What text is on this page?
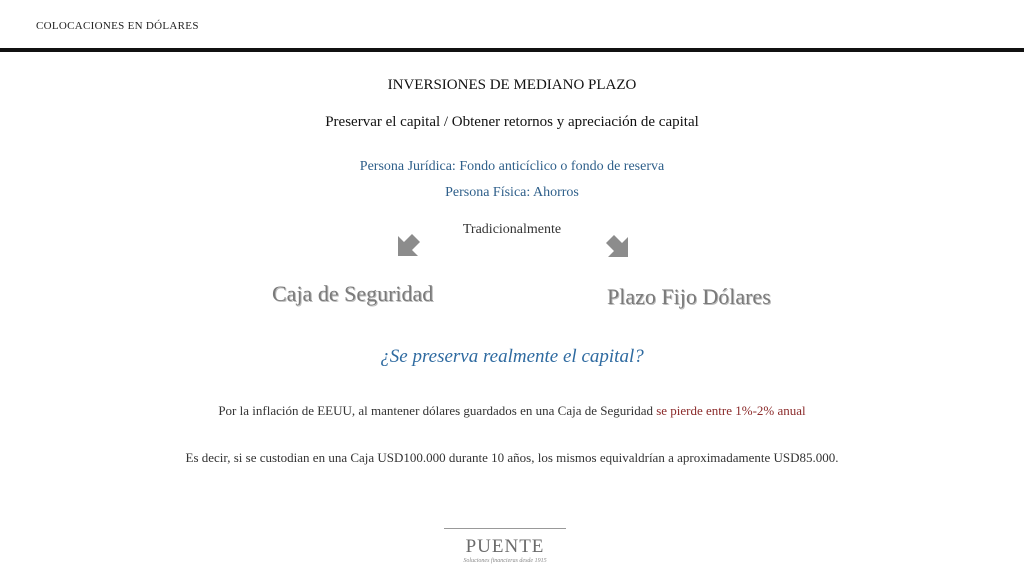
COLOCACIONES EN DÓLARES
INVERSIONES DE MEDIANO PLAZO
Preservar el capital / Obtener retornos y apreciación de capital
Persona Jurídica: Fondo anticíclico o fondo de reserva
Persona Física: Ahorros
Tradicionalmente
Caja de Seguridad	Plazo Fijo Dólares
¿Se preserva realmente el capital?
Por la inflación de EEUU, al mantener dólares guardados en una Caja de Seguridad se pierde entre 1%-2% anual
Es decir, si se custodian en una Caja USD100.000 durante 10 años, los mismos equivaldrían a aproximadamente USD85.000.
PUENTE
Soluciones financieras desde 1915
